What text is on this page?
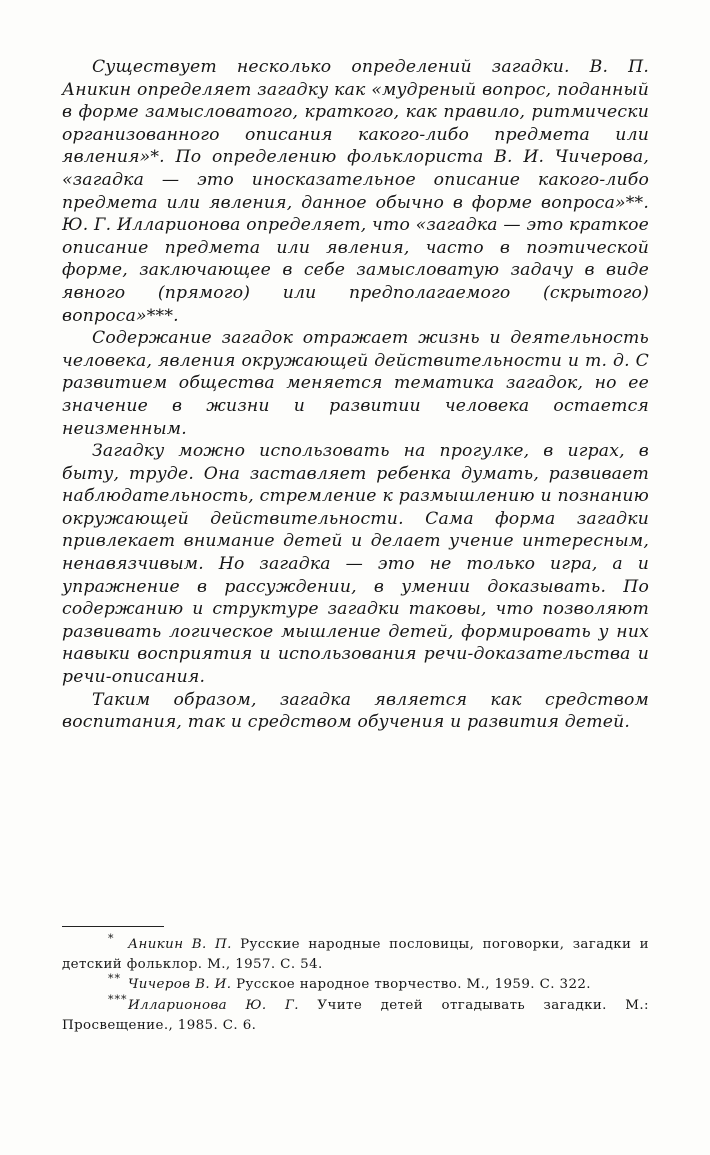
Существует несколько определений загадки. В. П. Аникин определяет загадку как «мудреный вопрос, поданный в форме замысловатого, краткого, как правило, ритмически организованного описания какого-либо предмета или явления»*. По определению фольклориста В. И. Чичерова, «загадка — это иносказательное описание какого-либо предмета или явления, данное обычно в форме вопроса»**. Ю. Г. Илларионова определяет, что «загадка — это краткое описание предмета или явления, часто в поэтической форме, заключающее в себе замысловатую задачу в виде явного (прямого) или предполагаемого (скрытого) вопроса»***.

Содержание загадок отражает жизнь и деятельность человека, явления окружающей действительности и т. д. С развитием общества меняется тематика загадок, но ее значение в жизни и развитии человека остается неизменным.

Загадку можно использовать на прогулке, в играх, в быту, труде. Она заставляет ребенка думать, развивает наблюдательность, стремление к размышлению и познанию окружающей действительности. Сама форма загадки привлекает внимание детей и делает учение интересным, ненавязчивым. Но загадка — это не только игра, а и упражнение в рассуждении, в умении доказывать. По содержанию и структуре загадки таковы, что позволяют развивать логическое мышление детей, формировать у них навыки восприятия и использования речи-доказательства и речи-описания.

Таким образом, загадка является как средством воспитания, так и средством обучения и развития детей.

* Аникин В. П. Русские народные пословицы, поговорки, загадки и детский фольклор. М., 1957. С. 54.

** Чичеров В. И. Русское народное творчество. М., 1959. С. 322.

*** Илларионова Ю. Г. Учите детей отгадывать загадки. М.: Просвещение., 1985. С. 6.
